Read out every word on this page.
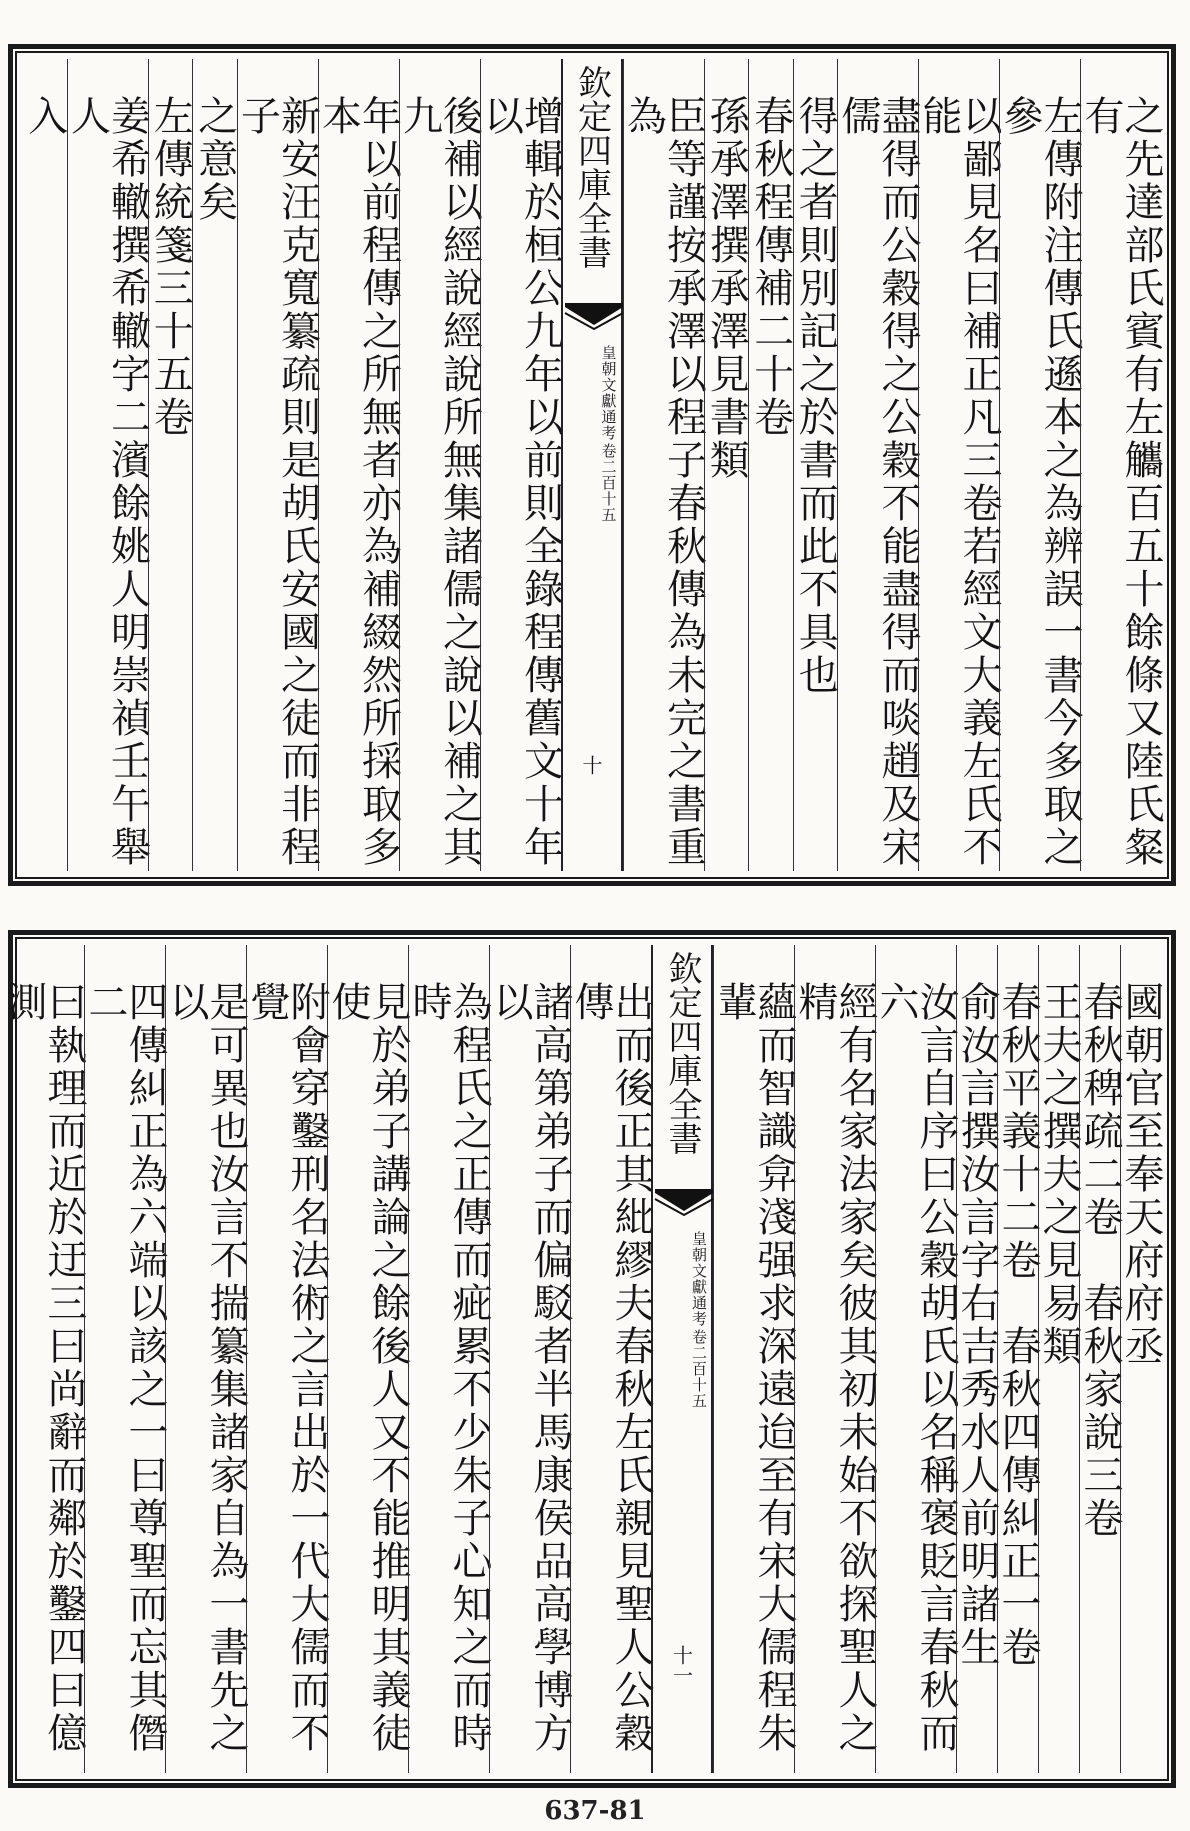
之先達部氏賓有左觿百五十餘條又陸氏粲有
左傳附注傳氏遜本之為辨誤一書今多取之參
以鄙見名曰補正凡三卷若經文大義左氏不能
盡得而公穀得之公穀不能盡得而啖趙及宋儒
得之者則別記之於書而此不具也
春秋程傳補二十卷
孫承澤撰承澤見書類
臣等謹按承澤以程子春秋傳為未完之書重為
欽定四庫全書
皇朝文獻通考
卷二百十五
十
增輯於桓公九年以前則全錄程傳舊文十年以
後補以經說經說所無集諸儒之說以補之其九
年以前程傳之所無者亦為補綴然所採取多本
新安汪克寬纂疏則是胡氏安國之徒而非程子
之意矣
左傳統箋三十五卷
姜希轍撰希轍字二濱餘姚人明崇禎壬午舉人
入
國朝官至奉天府府丞
春秋稗疏二卷　春秋家說三卷
王夫之撰夫之見易類
春秋平義十二卷　春秋四傳糾正一卷
俞汝言撰汝言字右吉秀水人前明諸生
汝言自序曰公穀胡氏以名稱褒貶言春秋而六
經有名家法家矣彼其初未始不欲探聖人之精
蘊而智識弇淺强求深遠迨至有宋大儒程朱輩
欽定四庫全書
皇朝文獻通考
卷二百十五
十一
出而後正其紕繆夫春秋左氏親見聖人公穀傳
諸高第弟子而偏駁者半馬康侯品高學博方以
為程氏之正傳而疵累不少朱子心知之而時時
見於弟子講論之餘後人又不能推明其義徒使
附會穿鑿刑名法術之言出於一代大儒而不覺
是可異也汝言不揣纂集諸家自為一書先之以
四傳糾正為六端以該之一曰尊聖而忘其僭二
曰執理而近於迂三曰尚辭而鄰於鑿四曰億測
637-81
